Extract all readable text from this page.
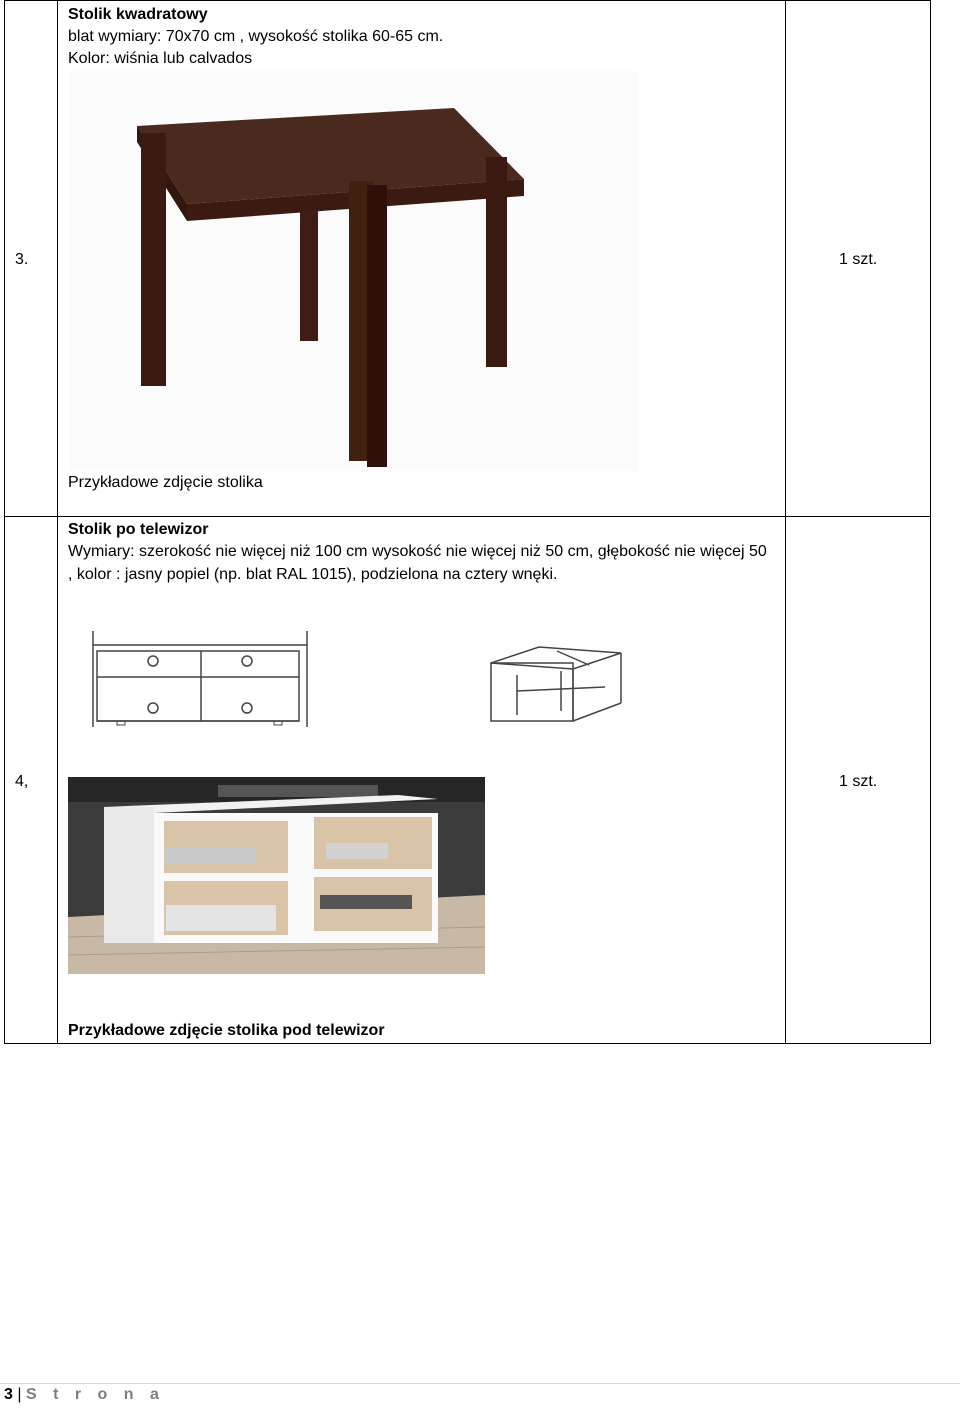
3.	1 szt.
Stolik kwadratowy
blat wymiary: 70x70 cm , wysokość stolika 60-65 cm.
Kolor: wiśnia lub calvados
Przykładowe zdjęcie stolika
Stolik po telewizor
Wymiary: szerokość nie więcej niż 100 cm wysokość nie więcej niż 50 cm, głębokość nie więcej 50 , kolor : jasny popiel (np. blat RAL 1015), podzielona na cztery wnęki.
4,	1 szt.
Przykładowe zdjęcie stolika pod telewizor
3 | S t r o n a
